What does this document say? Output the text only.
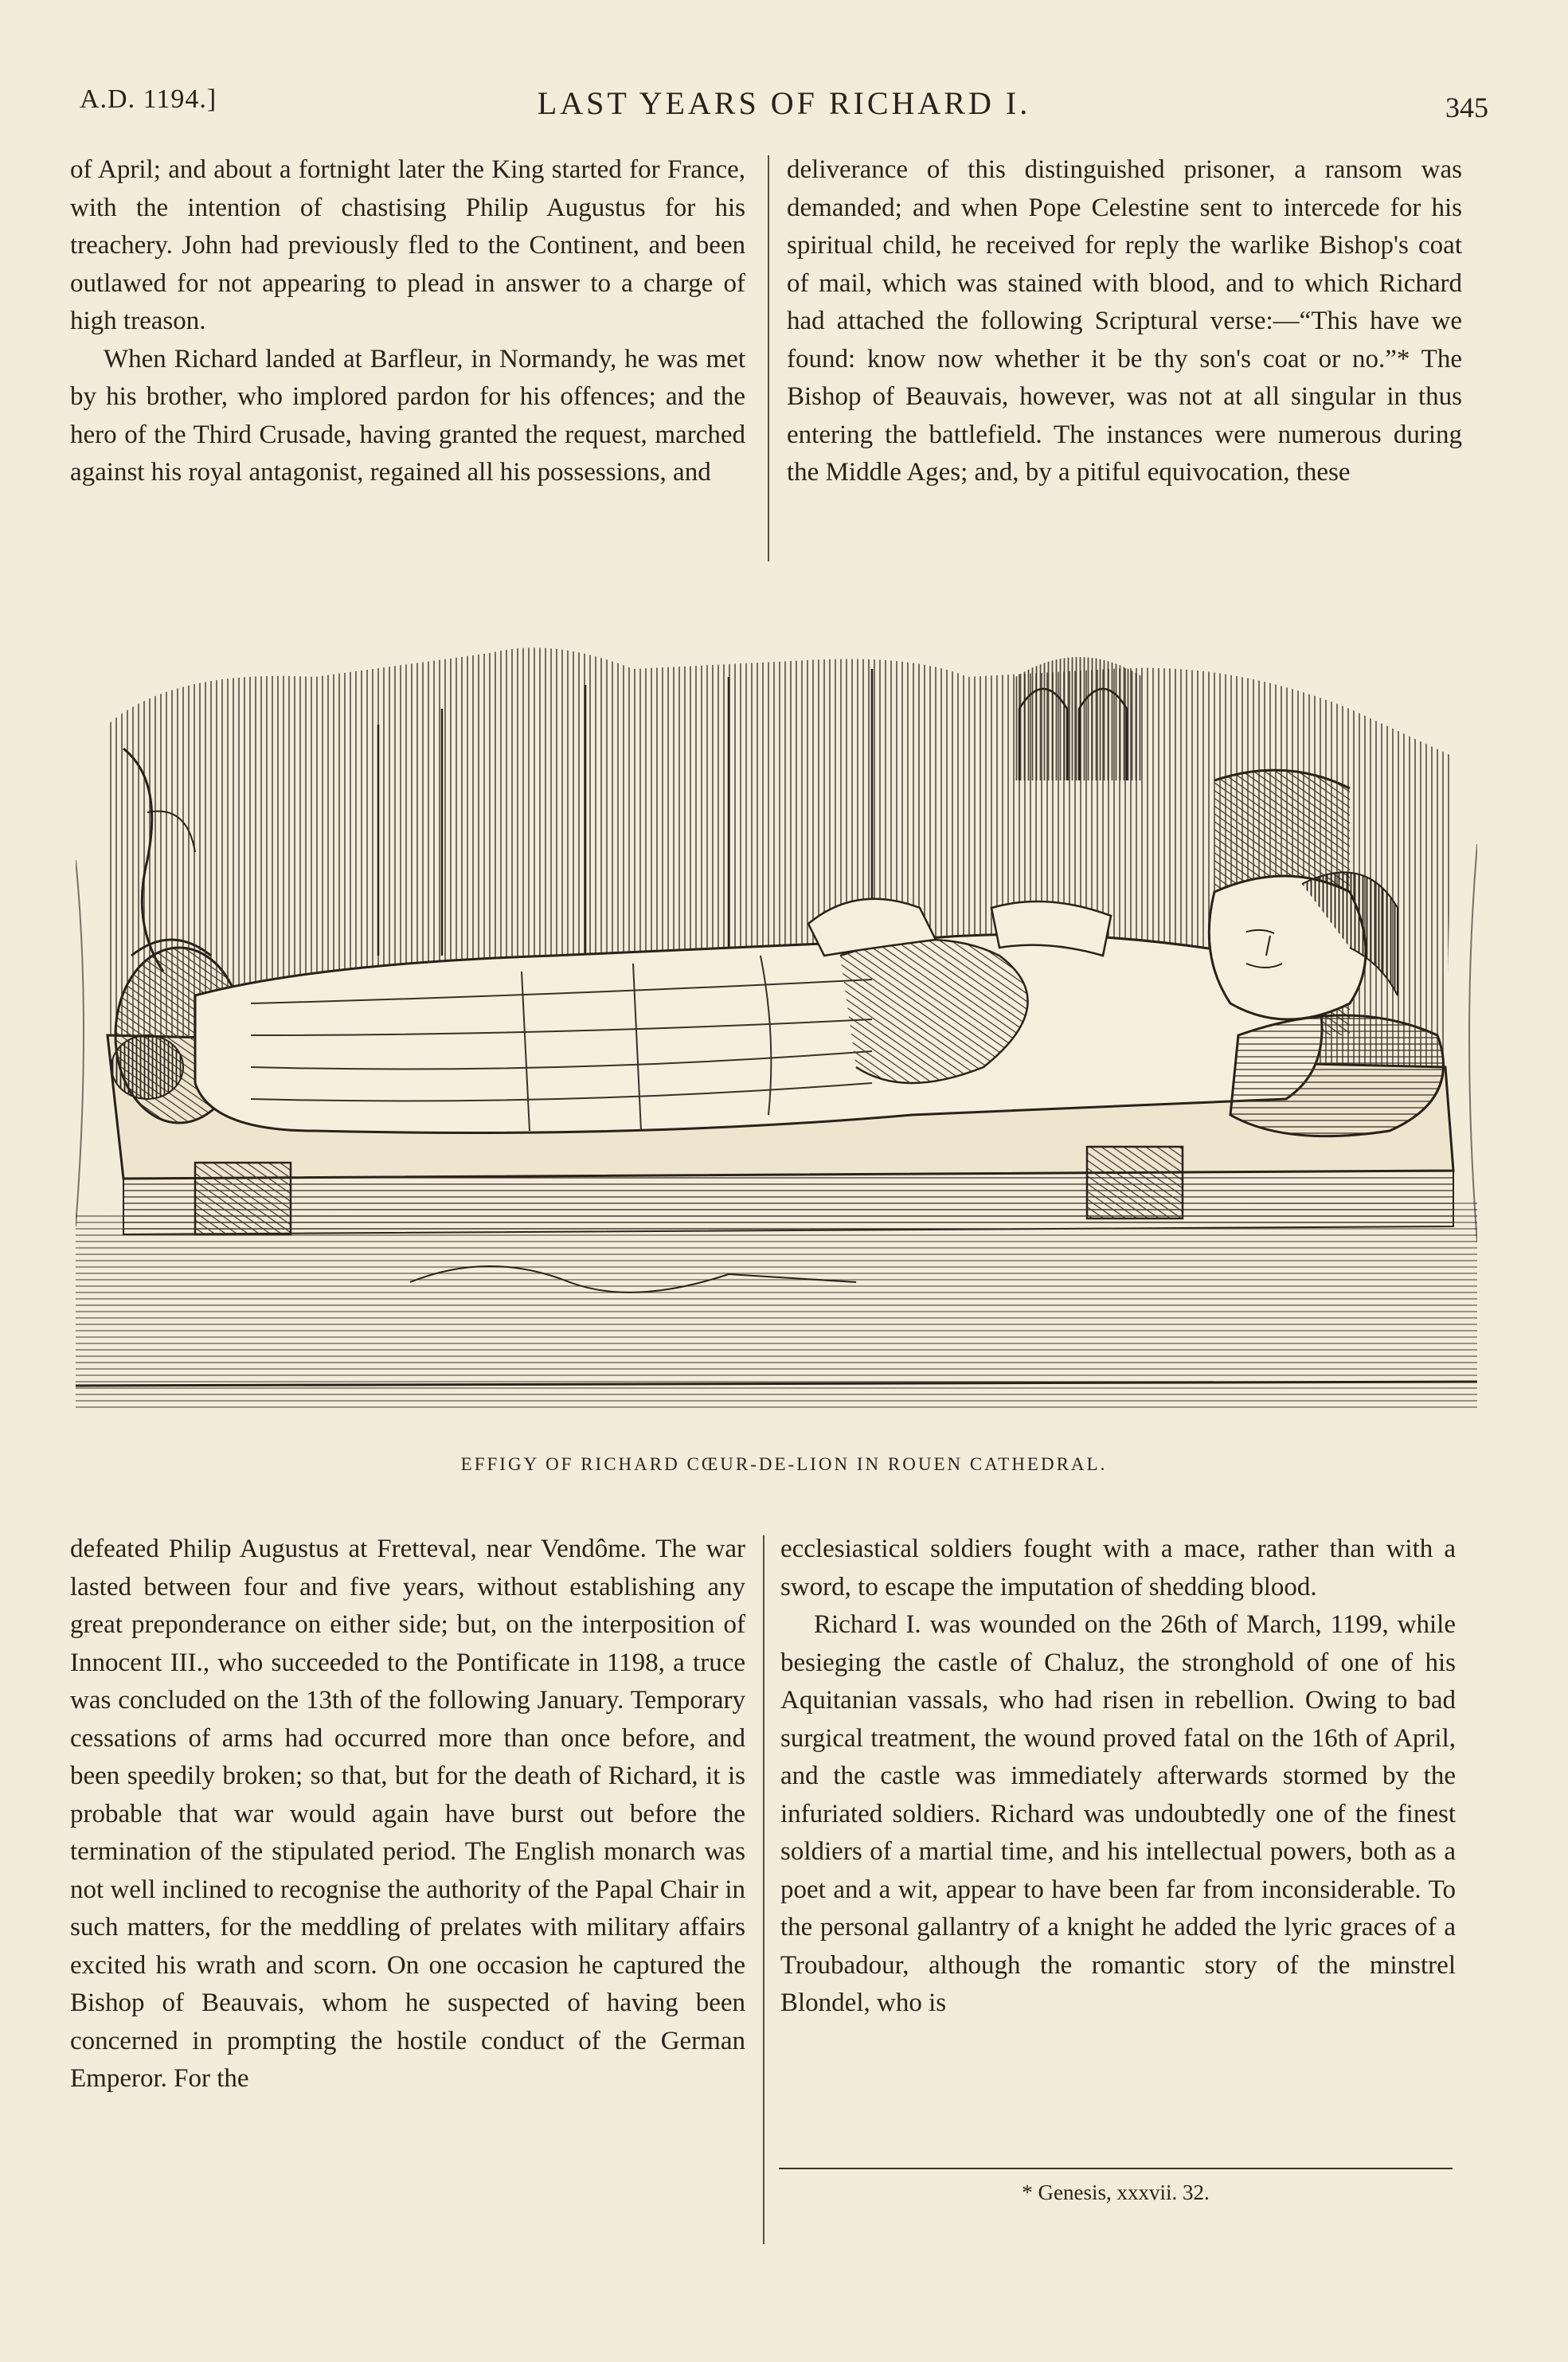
A.D. 1194.]	LAST YEARS OF RICHARD I.	345

of April; and about a fortnight later the King started for France, with the intention of chastising Philip Augustus for his treachery. John had previously fled to the Continent, and been outlawed for not appearing to plead in answer to a charge of high treason.

When Richard landed at Barfleur, in Normandy, he was met by his brother, who implored pardon for his offences; and the hero of the Third Crusade, having granted the request, marched against his royal antagonist, regained all his possessions, and

deliverance of this distinguished prisoner, a ransom was demanded; and when Pope Celestine sent to intercede for his spiritual child, he received for reply the warlike Bishop's coat of mail, which was stained with blood, and to which Richard had attached the following Scriptural verse:—“This have we found: know now whether it be thy son's coat or no.”* The Bishop of Beauvais, however, was not at all singular in thus entering the battlefield. The instances were numerous during the Middle Ages; and, by a pitiful equivocation, these

EFFIGY OF RICHARD CŒUR-DE-LION IN ROUEN CATHEDRAL.

defeated Philip Augustus at Fretteval, near Vendôme. The war lasted between four and five years, without establishing any great preponderance on either side; but, on the interposition of Innocent III., who succeeded to the Pontificate in 1198, a truce was concluded on the 13th of the following January. Temporary cessations of arms had occurred more than once before, and been speedily broken; so that, but for the death of Richard, it is probable that war would again have burst out before the termination of the stipulated period. The English monarch was not well inclined to recognise the authority of the Papal Chair in such matters, for the meddling of prelates with military affairs excited his wrath and scorn. On one occasion he captured the Bishop of Beauvais, whom he suspected of having been concerned in prompting the hostile conduct of the German Emperor. For the

ecclesiastical soldiers fought with a mace, rather than with a sword, to escape the imputation of shedding blood.

Richard I. was wounded on the 26th of March, 1199, while besieging the castle of Chaluz, the stronghold of one of his Aquitanian vassals, who had risen in rebellion. Owing to bad surgical treatment, the wound proved fatal on the 16th of April, and the castle was immediately afterwards stormed by the infuriated soldiers. Richard was undoubtedly one of the finest soldiers of a martial time, and his intellectual powers, both as a poet and a wit, appear to have been far from inconsiderable. To the personal gallantry of a knight he added the lyric graces of a Troubadour, although the romantic story of the minstrel Blondel, who is

* Genesis, xxxvii. 32.
